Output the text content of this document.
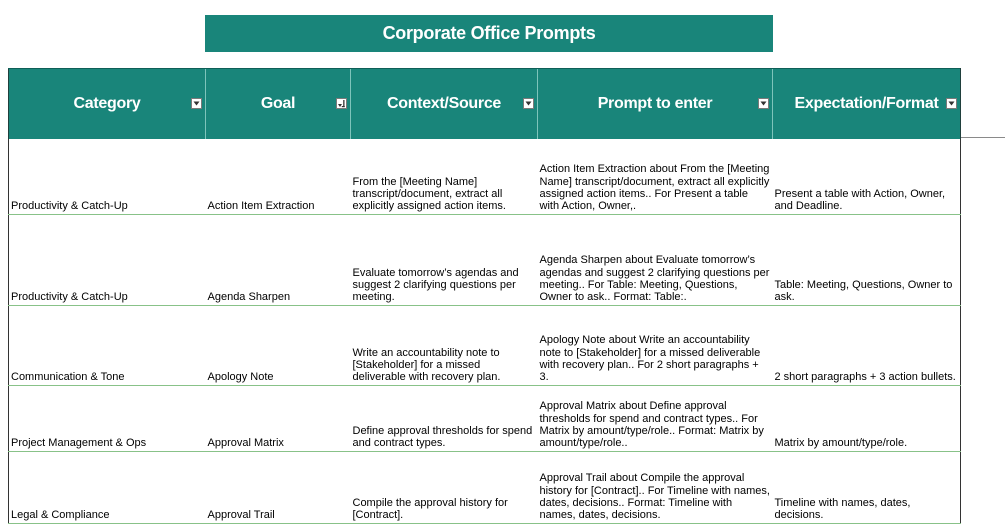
Corporate Office Prompts
Category	Goal	Context/Source	Prompt to enter	Expectation/Format

Productivity & Catch-Up	Action Item Extraction	From the [Meeting Name] transcript/document, extract all explicitly assigned action items.	Action Item Extraction about From the [Meeting Name] transcript/document, extract all explicitly assigned action items.. For Present a table with Action, Owner,.	Present a table with Action, Owner, and Deadline.
Productivity & Catch-Up	Agenda Sharpen	Evaluate tomorrow’s agendas and suggest 2 clarifying questions per meeting.	Agenda Sharpen about Evaluate tomorrow’s agendas and suggest 2 clarifying questions per meeting.. For Table: Meeting, Questions, Owner to ask.. Format: Table:.	Table: Meeting, Questions, Owner to ask.
Communication & Tone	Apology Note	Write an accountability note to [Stakeholder] for a missed deliverable with recovery plan.	Apology Note about Write an accountability note to [Stakeholder] for a missed deliverable with recovery plan.. For 2 short paragraphs + 3.	2 short paragraphs + 3 action bullets.
Project Management & Ops	Approval Matrix	Define approval thresholds for spend and contract types.	Approval Matrix about Define approval thresholds for spend and contract types.. For Matrix by amount/type/role.. Format: Matrix by amount/type/role..	Matrix by amount/type/role.
Legal & Compliance	Approval Trail	Compile the approval history for [Contract].	Approval Trail about Compile the approval history for [Contract].. For Timeline with names, dates, decisions.. Format: Timeline with names, dates, decisions.	Timeline with names, dates, decisions.
